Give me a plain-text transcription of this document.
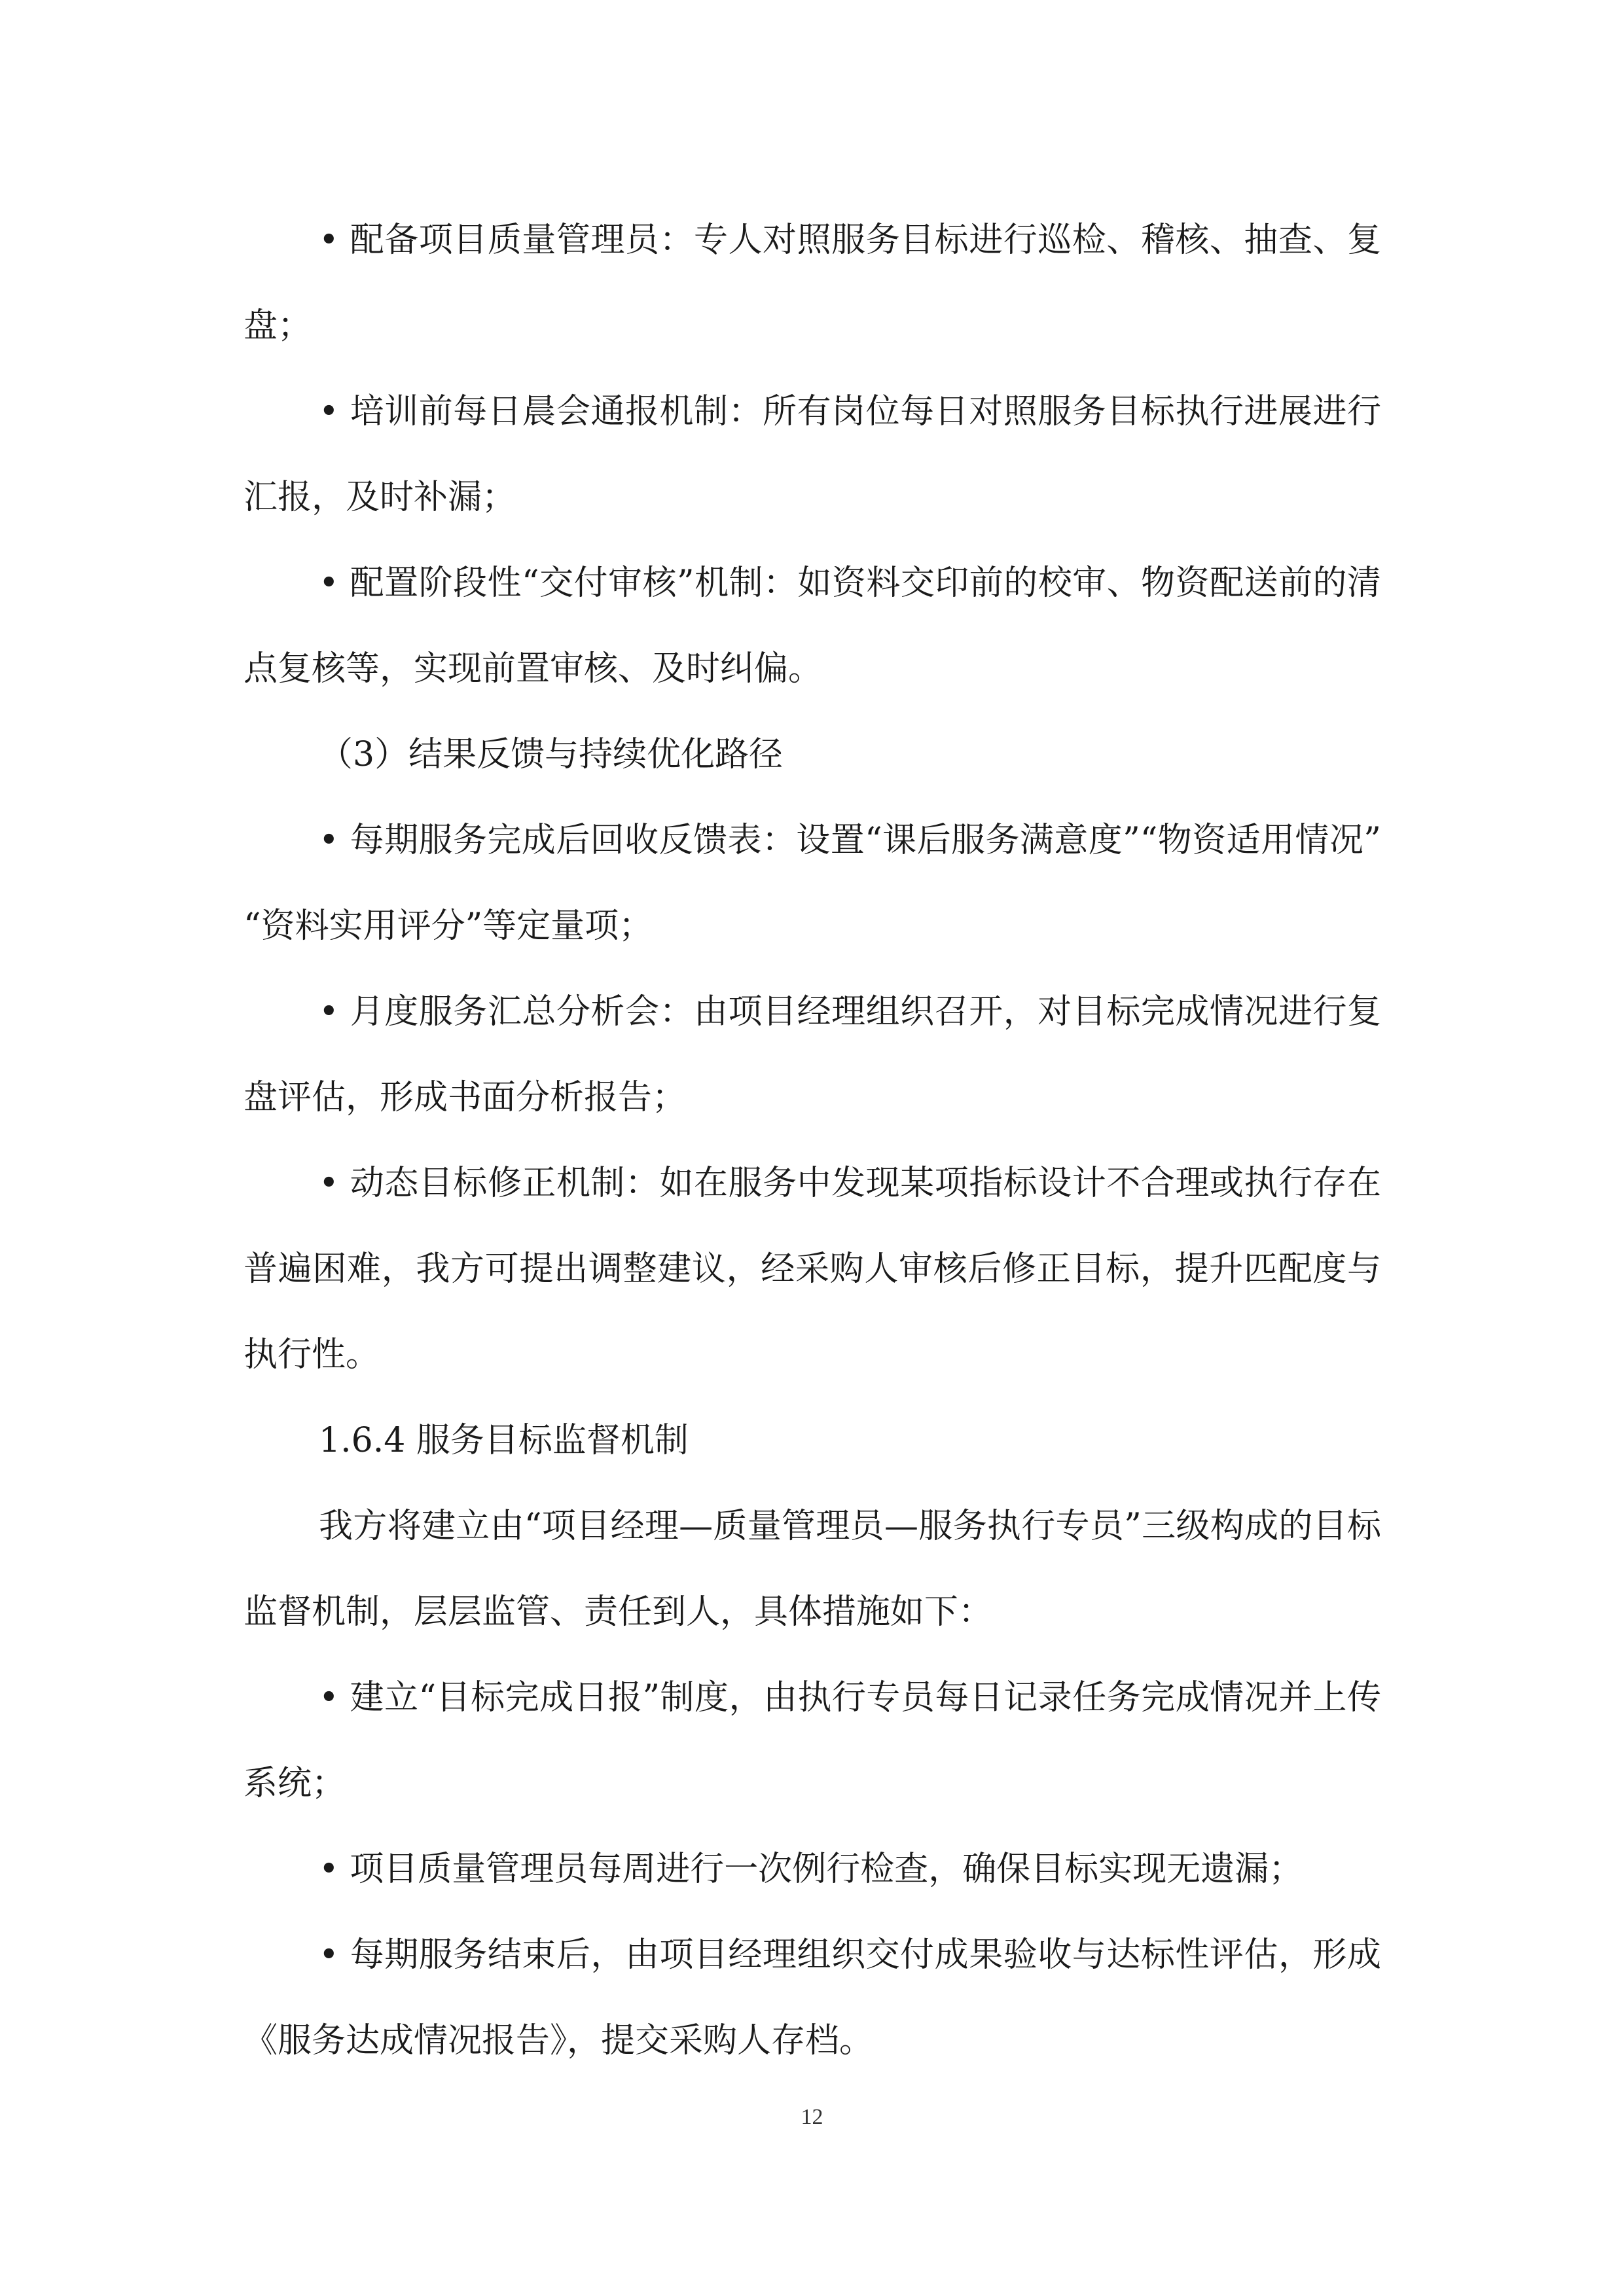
• 配备项目质量管理员：专人对照服务目标进行巡检、稽核、抽查、复盘；

• 培训前每日晨会通报机制：所有岗位每日对照服务目标执行进展进行汇报，及时补漏；

• 配置阶段性“交付审核”机制：如资料交印前的校审、物资配送前的清点复核等，实现前置审核、及时纠偏。

（3）结果反馈与持续优化路径

• 每期服务完成后回收反馈表：设置“课后服务满意度”“物资适用情况”“资料实用评分”等定量项；

• 月度服务汇总分析会：由项目经理组织召开，对目标完成情况进行复盘评估，形成书面分析报告；

• 动态目标修正机制：如在服务中发现某项指标设计不合理或执行存在普遍困难，我方可提出调整建议，经采购人审核后修正目标，提升匹配度与执行性。

1.6.4 服务目标监督机制

我方将建立由“项目经理—质量管理员—服务执行专员”三级构成的目标监督机制，层层监管、责任到人，具体措施如下：

• 建立“目标完成日报”制度，由执行专员每日记录任务完成情况并上传系统；

• 项目质量管理员每周进行一次例行检查，确保目标实现无遗漏；

• 每期服务结束后，由项目经理组织交付成果验收与达标性评估，形成《服务达成情况报告》，提交采购人存档。

12
